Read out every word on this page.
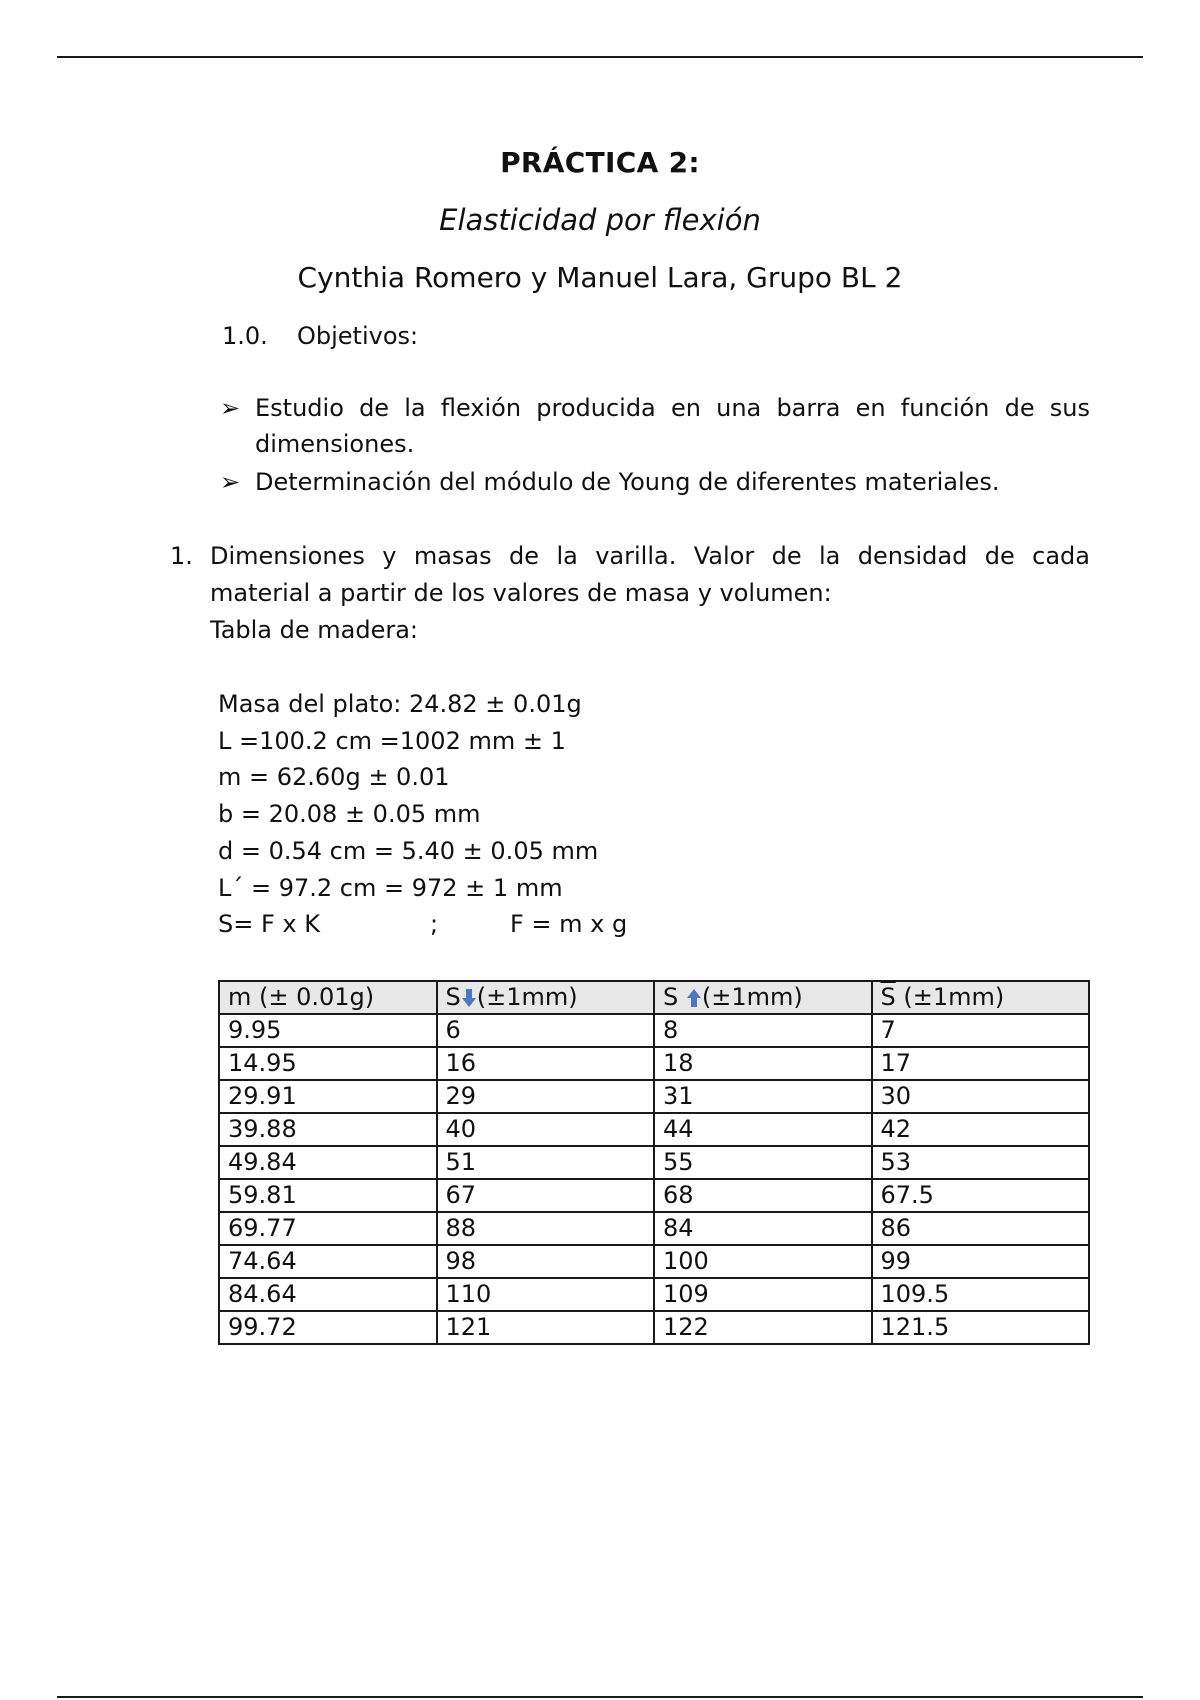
PRÁCTICA 2:
Elasticidad por flexión
Cynthia Romero y Manuel Lara, Grupo BL 2
1.0. Objetivos:
➢ Estudio de la flexión producida en una barra en función de sus dimensiones.
➢ Determinación del módulo de Young de diferentes materiales.
1. Dimensiones y masas de la varilla. Valor de la densidad de cada material a partir de los valores de masa y volumen:
Tabla de madera:
Masa del plato: 24.82 ± 0.01g
L =100.2 cm =1002 mm ± 1
m = 62.60g ± 0.01
b = 20.08 ± 0.05 mm
d = 0.54 cm = 5.40 ± 0.05 mm
L´ = 97.2 cm = 972 ± 1 mm
S= F x K	;	F = m x g
m (± 0.01g)	S (±1mm)	S (±1mm)	$\overline{S}$ (±1mm)
9.95	6	8	7
14.95	16	18	17
29.91	29	31	30
39.88	40	44	42
49.84	51	55	53
59.81	67	68	67.5
69.77	88	84	86
74.64	98	100	99
84.64	110	109	109.5
99.72	121	122	121.5
